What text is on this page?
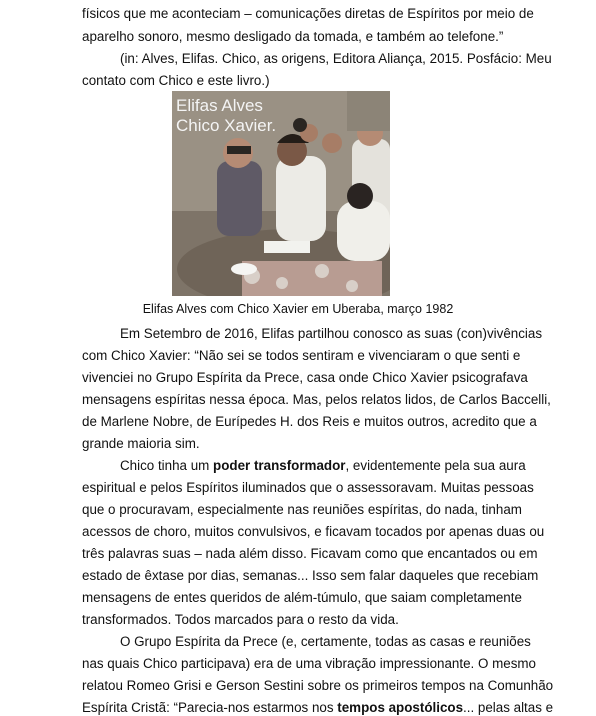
físicos que me aconteciam – comunicações diretas de Espíritos por meio de
aparelho sonoro, mesmo desligado da tomada, e também ao telefone.”
(in: Alves, Elifas. Chico, as origens, Editora Aliança, 2015. Posfácio: Meu
contato com Chico e este livro.)
Elifas Alves
Chico Xavier.
Elifas Alves com Chico Xavier em Uberaba, março 1982
Em Setembro de 2016, Elifas partilhou conosco as suas (con)vivências
com Chico Xavier: “Não sei se todos sentiram e vivenciaram o que senti e
vivenciei no Grupo Espírita da Prece, casa onde Chico Xavier psicografava
mensagens espíritas nessa época. Mas, pelos relatos lidos, de Carlos Baccelli,
de Marlene Nobre, de Eurípedes H. dos Reis e muitos outros, acredito que a
grande maioria sim.
Chico tinha um poder transformador, evidentemente pela sua aura
espiritual e pelos Espíritos iluminados que o assessoravam. Muitas pessoas
que o procuravam, especialmente nas reuniões espíritas, do nada, tinham
acessos de choro, muitos convulsivos, e ficavam tocados por apenas duas ou
três palavras suas – nada além disso. Ficavam como que encantados ou em
estado de êxtase por dias, semanas... Isso sem falar daqueles que recebiam
mensagens de entes queridos de além-túmulo, que saiam completamente
transformados. Todos marcados para o resto da vida.
O Grupo Espírita da Prece (e, certamente, todas as casas e reuniões
nas quais Chico participava) era de uma vibração impressionante. O mesmo
relatou Romeo Grisi e Gerson Sestini sobre os primeiros tempos na Comunhão
Espírita Cristã: “Parecia-nos estarmos nos tempos apostólicos... pelas altas e
